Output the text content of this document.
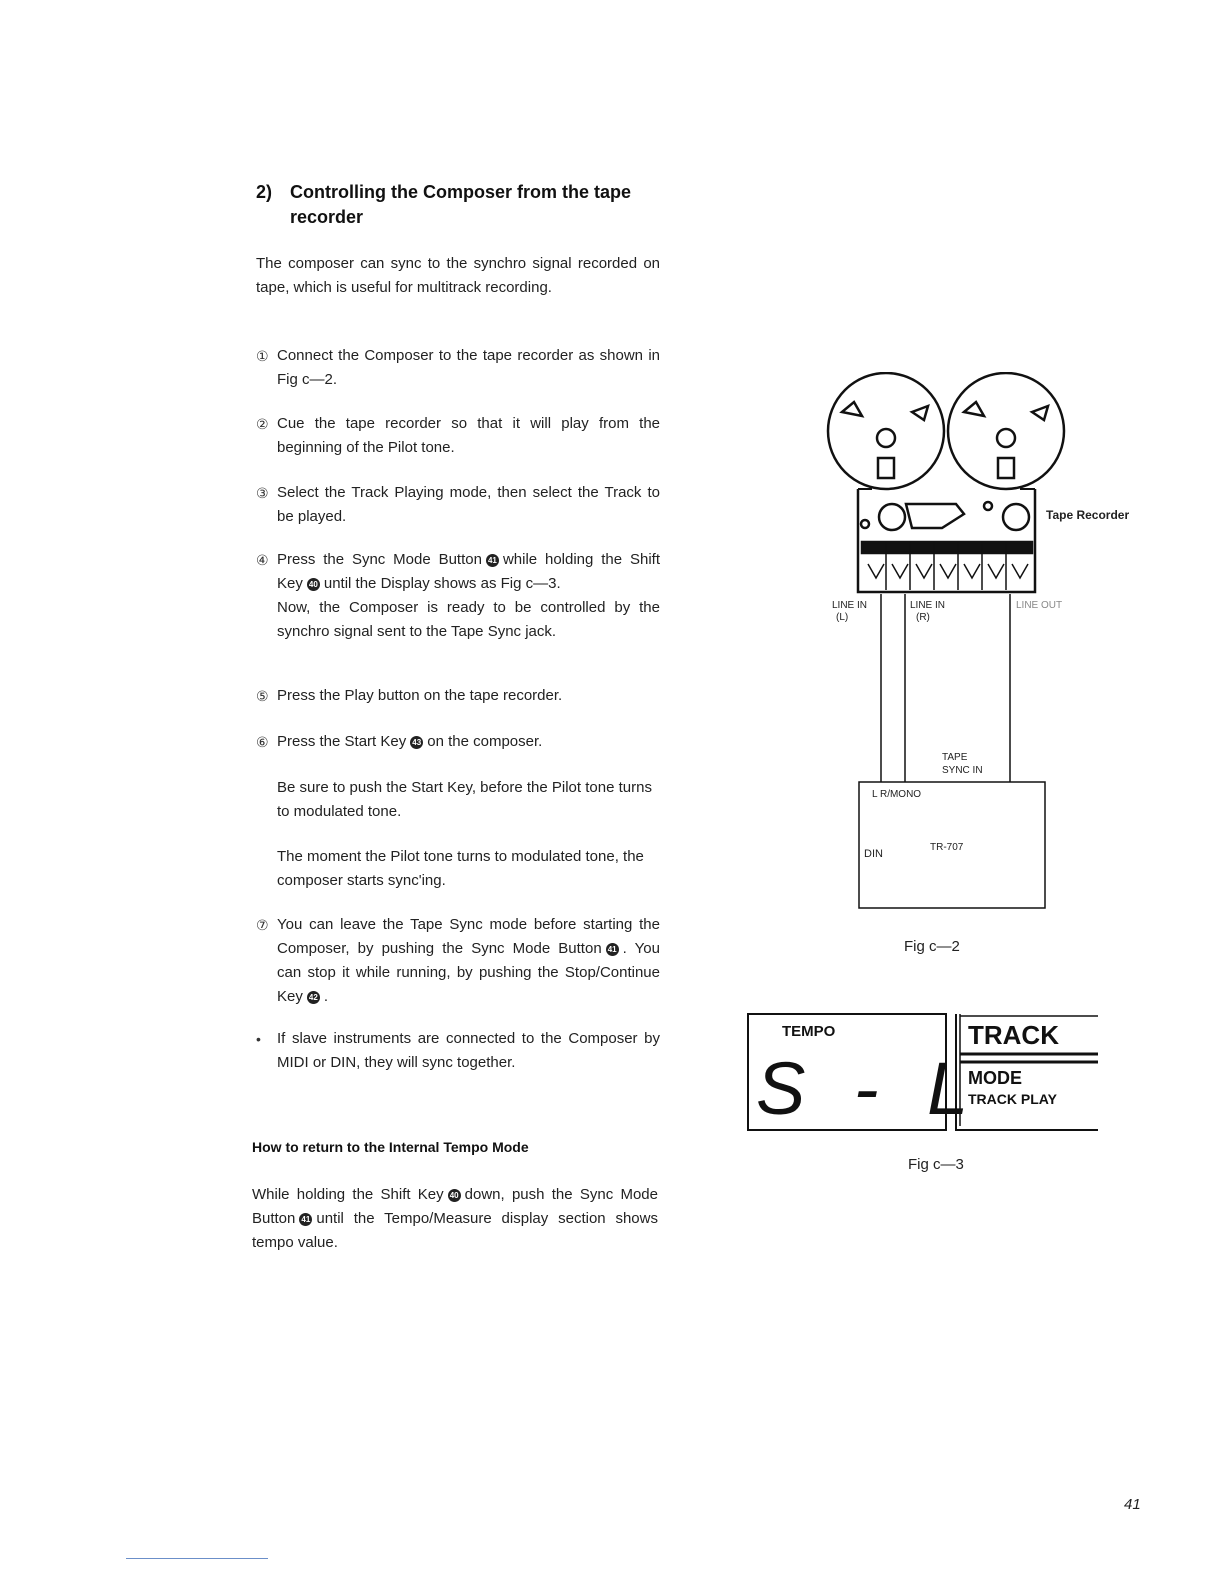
2) Controlling the Composer from the tape
recorder
The composer can sync to the synchro signal recorded on tape, which is useful for multitrack recording.
① Connect the Composer to the tape recorder as shown in Fig c—2.
② Cue the tape recorder so that it will play from the beginning of the Pilot tone.
③ Select the Track Playing mode, then select the Track to be played.
④ Press the Sync Mode Button 41 while holding the Shift Key 40 until the Display shows as Fig c—3.
Now, the Composer is ready to be controlled by the synchro signal sent to the Tape Sync jack.
⑤ Press the Play button on the tape recorder.
⑥ Press the Start Key 43 on the composer.
Be sure to push the Start Key, before the Pilot tone turns to modulated tone.
The moment the Pilot tone turns to modulated tone, the composer starts sync'ing.
⑦ You can leave the Tape Sync mode before starting the Composer, by pushing the Sync Mode Button 41 . You can stop it while running, by pushing the Stop/Continue Key 42 .
•	If slave instruments are connected to the Composer by MIDI or DIN, they will sync together.
How to return to the Internal Tempo Mode
While holding the Shift Key 40 down, push the Sync Mode Button 41 until the Tempo/Measure display section shows tempo value.
Tape Recorder
LINE IN
(L)
LINE IN
(R)
LINE OUT
TAPE
SYNC IN
L R/MONO
DIN
TR-707
Fig c—2
TEMPO
S - L
TRACK
MODE
TRACK PLAY
Fig c—3
41
